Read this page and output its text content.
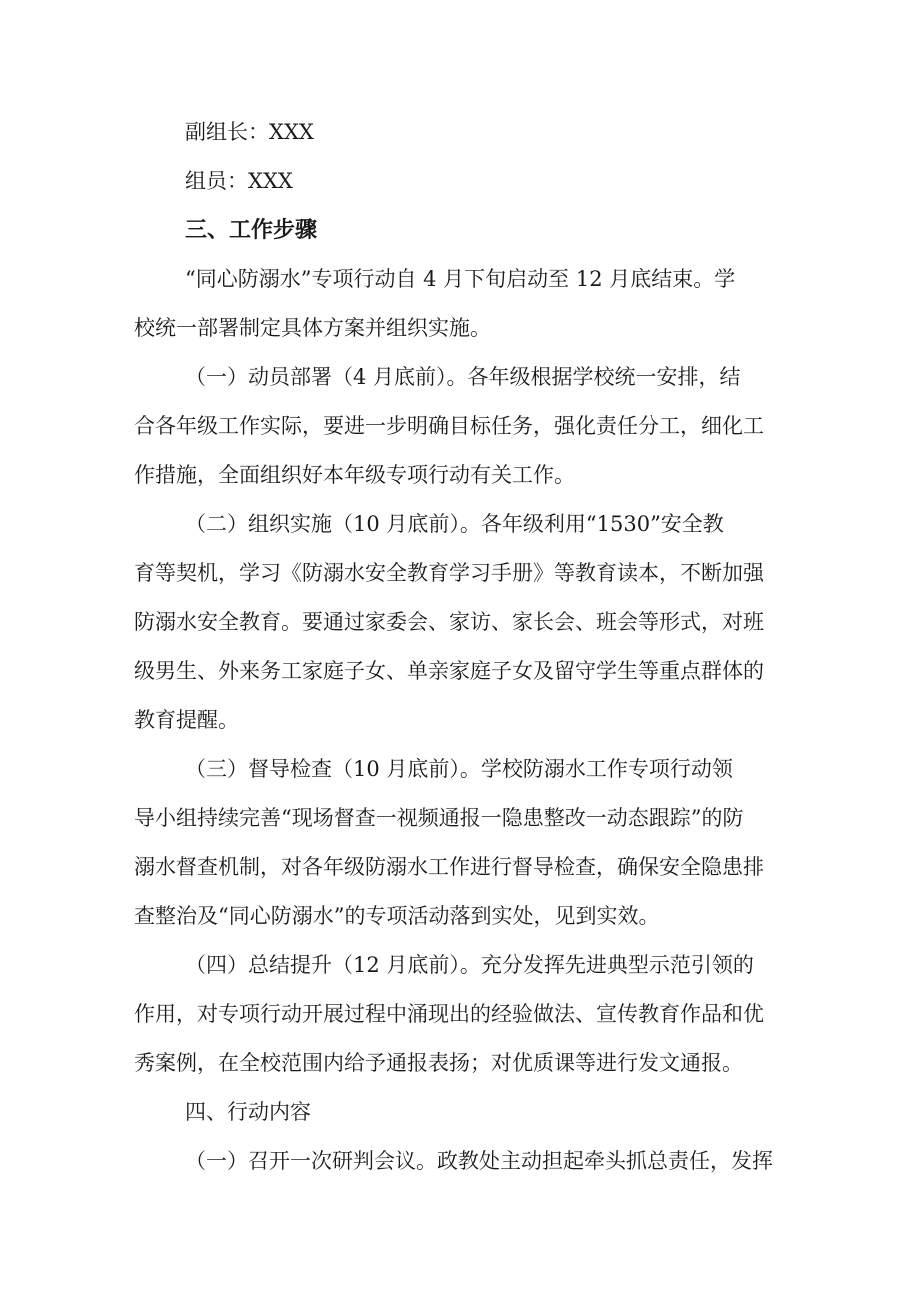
副组长：XXX
组员：XXX
三、工作步骤
“同心防溺水”专项行动自 4 月下旬启动至 12 月底结束。学
校统一部署制定具体方案并组织实施。
（一）动员部署（4 月底前）。各年级根据学校统一安排，结
合各年级工作实际，要进一步明确目标任务，强化责任分工，细化工
作措施，全面组织好本年级专项行动有关工作。
（二）组织实施（10 月底前）。各年级利用“1530”安全教
育等契机，学习《防溺水安全教育学习手册》等教育读本，不断加强
防溺水安全教育。要通过家委会、家访、家长会、班会等形式，对班
级男生、外来务工家庭子女、单亲家庭子女及留守学生等重点群体的
教育提醒。
（三）督导检查（10 月底前）。学校防溺水工作专项行动领
导小组持续完善“现场督查一视频通报一隐患整改一动态跟踪”的防
溺水督查机制，对各年级防溺水工作进行督导检查，确保安全隐患排
查整治及“同心防溺水”的专项活动落到实处，见到实效。
（四）总结提升（12 月底前）。充分发挥先进典型示范引领的
作用，对专项行动开展过程中涌现出的经验做法、宣传教育作品和优
秀案例，在全校范围内给予通报表扬；对优质课等进行发文通报。
四、行动内容
（一）召开一次研判会议。政教处主动担起牵头抓总责任，发挥
